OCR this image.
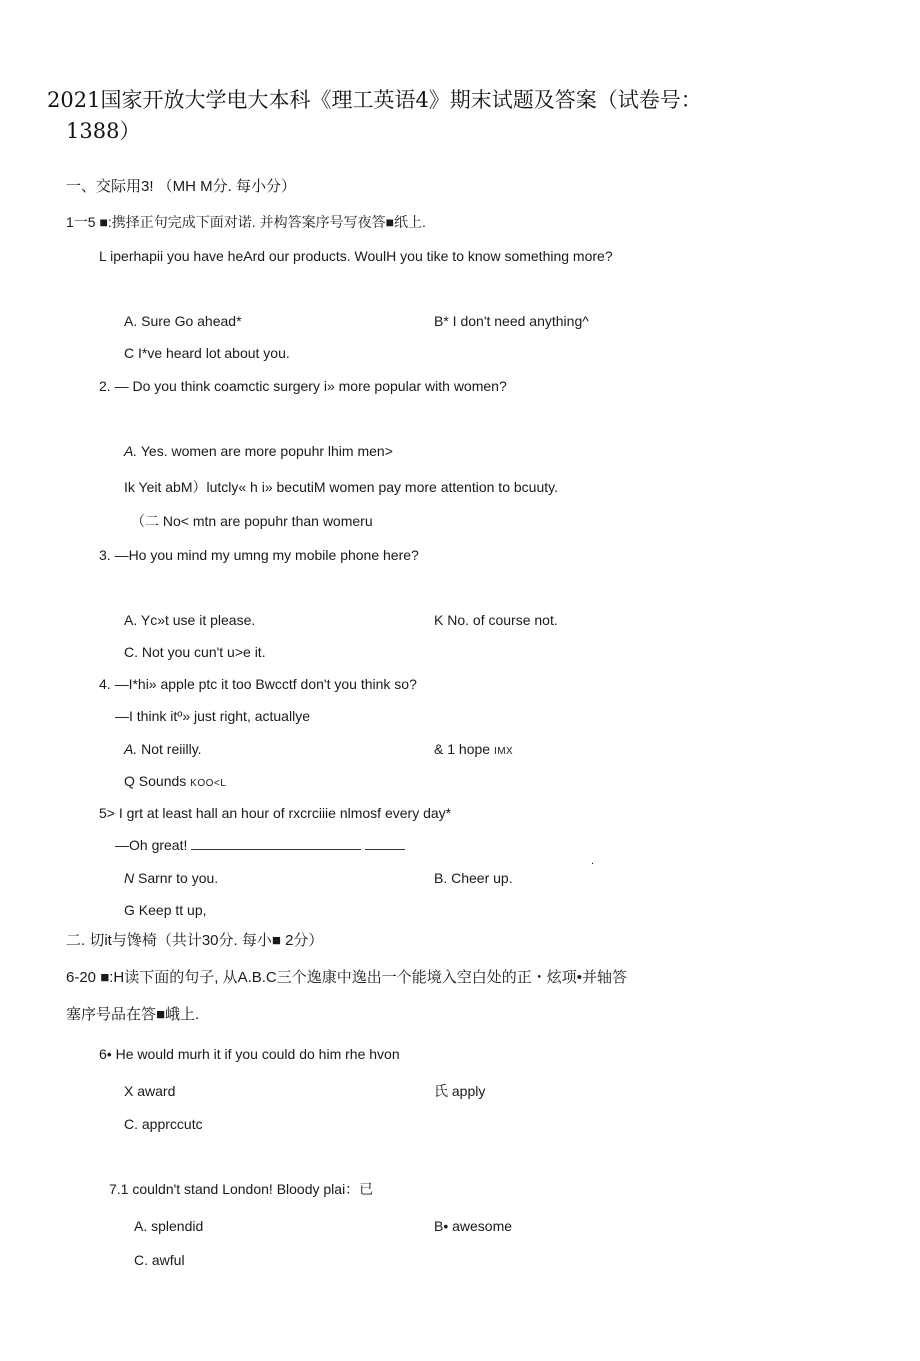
2021国家开放大学电大本科《理工英语4》期末试题及答案（试卷号：
1388）
一、交际用3! （MH M分. 每小分）
1一5 ■:携择正句完成下面对诺. 并构答案序号写夜答■纸上.
L iperhapii you have heArd our products. WoulH you tike to know something more?
A. Sure Go ahead*	B* I don't need anything^
C I*ve heard lot about you.
2. — Do you think coamctic surgery i» more popular with women?
A. Yes. women are more popuhr lhim men>
Ik Yeit abM）lutcly« h i» becutiM women pay more attention to bcuuty.
（二 No< mtn are popuhr than womeru
3. —Ho you mind my umng my mobile phone here?
A. Yc»t use it please.	K No. of course not.
C. Not you cun't u>e it.
4. —I*hi» apple ptc it too Bwcctf don't you think so?
—I think itº» just right, actuallye
A. Not reiilly.	& 1 hope IMX
Q Sounds KOO<L
5> I grt at least hall an hour of rxcrciiie nlmosf every day*
—Oh great!
.
N Sarnr to you.	B. Cheer up.
G Keep tt up,
二. 切it与馋椅（共计30分. 每小■ 2分）
6-20 ■:H读下面的句子, 从A.B.C三个逸康中逸出一个能境入空白处的正・炫项•并轴答
塞序号品在答■峨上.
6• He would murh it if you could do him rhe hvon
X award	氏 apply
C. apprccutc
7.1 couldn't stand London! Bloody plai：已
A. splendid	B• awesome
C. awful
